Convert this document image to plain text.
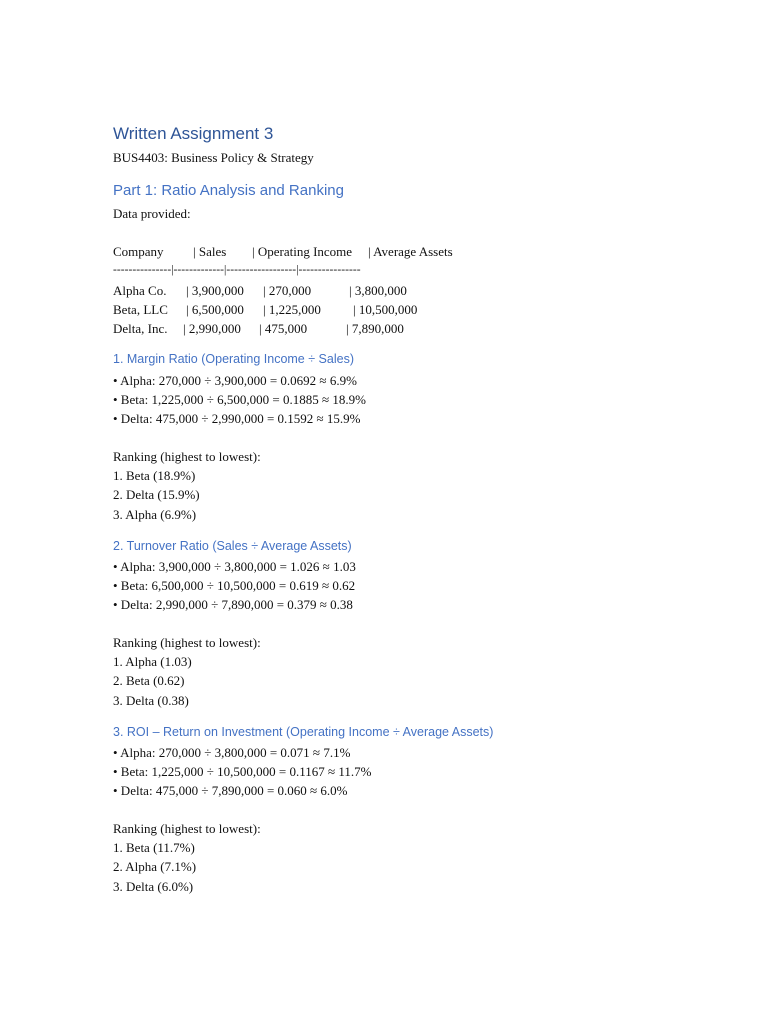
Written Assignment 3
BUS4403: Business Policy & Strategy
Part 1: Ratio Analysis and Ranking
Data provided:
Company | Sales | Operating Income | Average Assets
---------------|-------------|------------------|----------------
Alpha Co. | 3,900,000 | 270,000	| 3,800,000
Beta, LLC | 6,500,000 | 1,225,000 | 10,500,000
Delta, Inc. | 2,990,000 | 475,000	| 7,890,000
1. Margin Ratio (Operating Income ÷ Sales)
• Alpha: 270,000 ÷ 3,900,000 = 0.0692 ≈ 6.9%
• Beta: 1,225,000 ÷ 6,500,000 = 0.1885 ≈ 18.9%
• Delta: 475,000 ÷ 2,990,000 = 0.1592 ≈ 15.9%
Ranking (highest to lowest):
1. Beta (18.9%)
2. Delta (15.9%)
3. Alpha (6.9%)
2. Turnover Ratio (Sales ÷ Average Assets)
• Alpha: 3,900,000 ÷ 3,800,000 = 1.026 ≈ 1.03
• Beta: 6,500,000 ÷ 10,500,000 = 0.619 ≈ 0.62
• Delta: 2,990,000 ÷ 7,890,000 = 0.379 ≈ 0.38
Ranking (highest to lowest):
1. Alpha (1.03)
2. Beta (0.62)
3. Delta (0.38)
3. ROI – Return on Investment (Operating Income ÷ Average Assets)
• Alpha: 270,000 ÷ 3,800,000 = 0.071 ≈ 7.1%
• Beta: 1,225,000 ÷ 10,500,000 = 0.1167 ≈ 11.7%
• Delta: 475,000 ÷ 7,890,000 = 0.060 ≈ 6.0%
Ranking (highest to lowest):
1. Beta (11.7%)
2. Alpha (7.1%)
3. Delta (6.0%)
